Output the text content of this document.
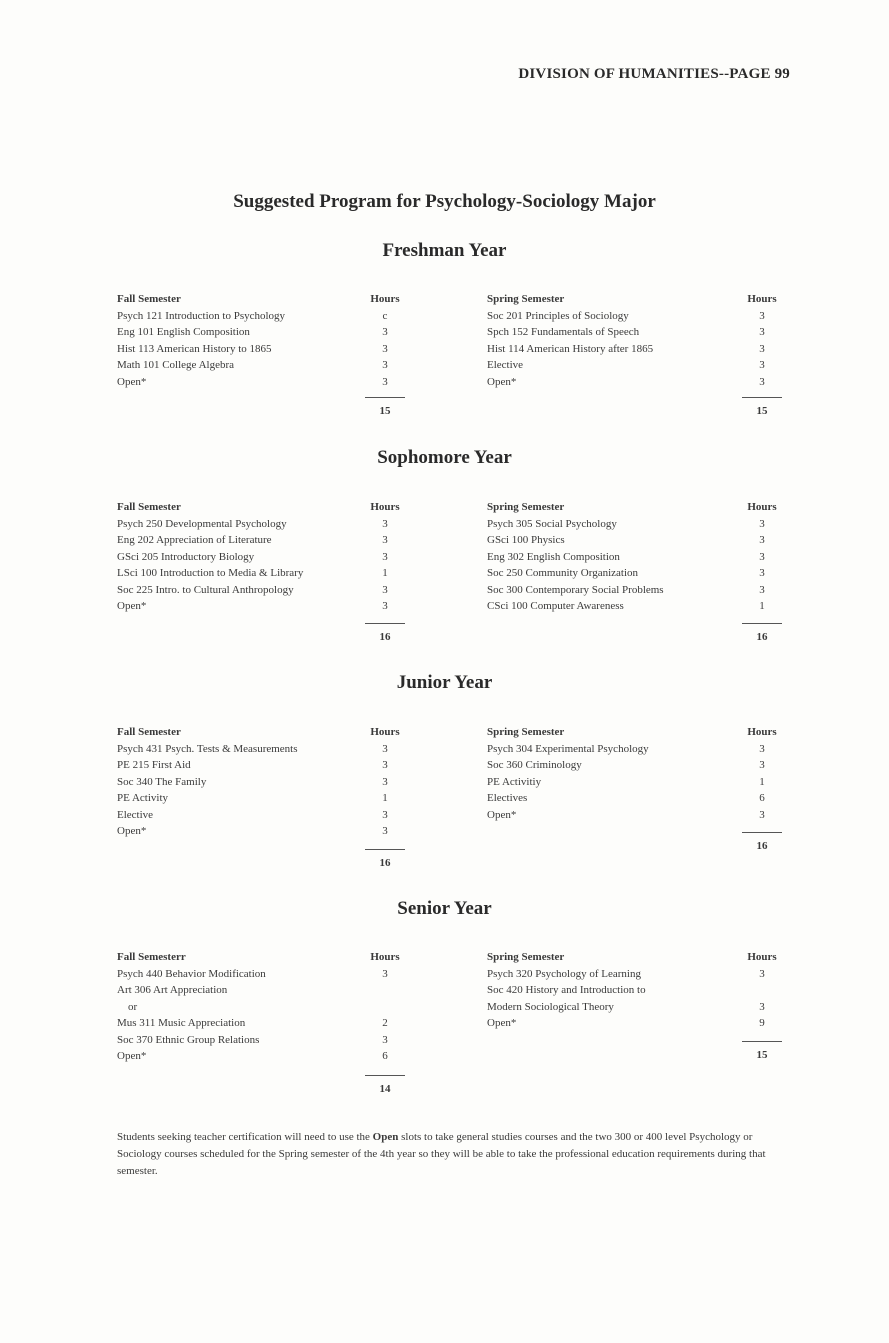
DIVISION OF HUMANITIES--PAGE 99
Suggested Program for Psychology-Sociology Major
Freshman Year
Fall Semester	Hours
Psych 121 Introduction to Psychology	c
Eng 101 English Composition	3
Hist 113 American History to 1865	3
Math 101 College Algebra	3
Open*	3
Spring Semester	Hours
Soc 201 Principles of Sociology	3
Spch 152 Fundamentals of Speech	3
Hist 114 American History after 1865	3
Elective	3
Open*	3
15	15
Sophomore Year
Fall Semester	Hours
Psych 250 Developmental Psychology	3
Eng 202 Appreciation of Literature	3
GSci 205 Introductory Biology	3
LSci 100 Introduction to Media & Library	1
Soc 225 Intro. to Cultural Anthropology	3
Open*	3
Spring Semester	Hours
Psych 305 Social Psychology	3
GSci 100 Physics	3
Eng 302 English Composition	3
Soc 250 Community Organization	3
Soc 300 Contemporary Social Problems	3
CSci 100 Computer Awareness	1
16	16
Junior Year
Fall Semester	Hours
Psych 431 Psych. Tests & Measurements	3
PE 215 First Aid	3
Soc 340 The Family	3
PE Activity	1
Elective	3
Open*	3
Spring Semester	Hours
Psych 304 Experimental Psychology	3
Soc 360 Criminology	3
PE Activitiy	1
Electives	6
Open*	3
16
16
Senior Year
Fall Semesterr	Hours
Psych 440 Behavior Modification	3
Art 306 Art Appreciation
or
Mus 311 Music Appreciation	2
Soc 370 Ethnic Group Relations	3
Open*	6
Spring Semester	Hours
Psych 320 Psychology of Learning	3
Soc 420 History and Introduction to
Modern Sociological Theory	3
Open*	9
14
15
Students seeking teacher certification will need to use the Open slots to take general studies courses and the two 300 or 400 level Psychology or Sociology courses scheduled for the Spring semester of the 4th year so they will be able to take the professional education requirements during that semester.
